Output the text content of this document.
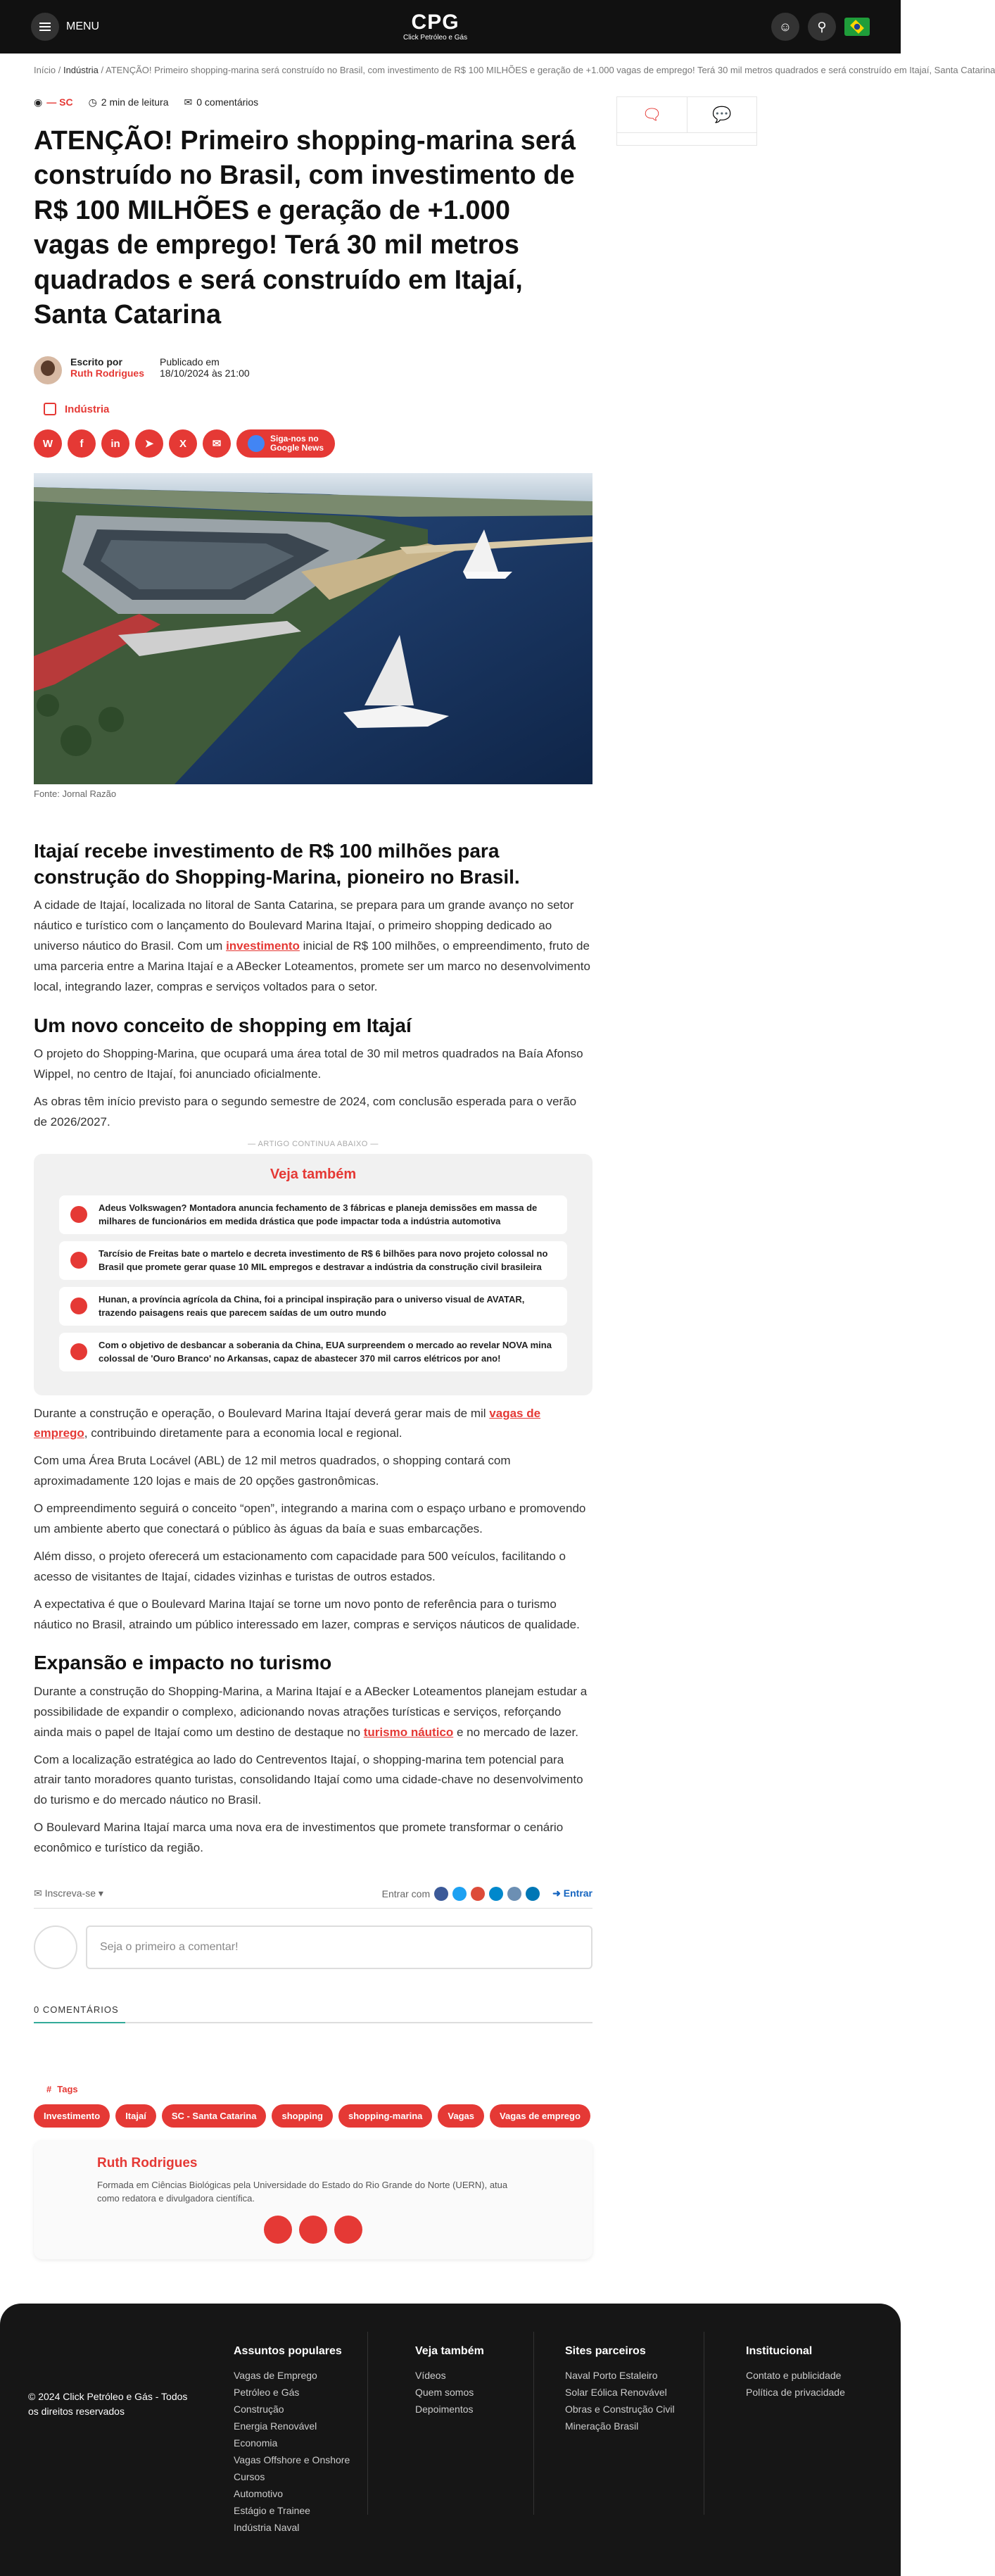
MENU	CPG
Click Petróleo e Gás
☺	⚲
Início / Indústria / ATENÇÃO! Primeiro shopping-marina será construído no Brasil, com investimento de R$ 100 MILHÕES e geração de +1.000 vagas de emprego! Terá 30 mil metros quadrados e será construído em Itajaí, Santa Catarina
◉ — SC ◷ 2 min de leitura ✉ 0 comentários
ATENÇÃO! Primeiro shopping-marina será construído no Brasil, com investimento de R$ 100 MILHÕES e geração de +1.000 vagas de emprego! Terá 30 mil metros quadrados e será construído em Itajaí, Santa Catarina
Escrito por
Ruth Rodrigues
Publicado em
18/10/2024 às 21:00
Indústria
W	f	in	➤	X	✉	Siga-nos no
Google News
Fonte: Jornal Razão
Itajaí recebe investimento de R$ 100 milhões para construção do Shopping-Marina, pioneiro no Brasil.

A cidade de Itajaí, localizada no litoral de Santa Catarina, se prepara para um grande avanço no setor náutico e turístico com o lançamento do Boulevard Marina Itajaí, o primeiro shopping dedicado ao universo náutico do Brasil. Com um investimento inicial de R$ 100 milhões, o empreendimento, fruto de uma parceria entre a Marina Itajaí e a ABecker Loteamentos, promete ser um marco no desenvolvimento local, integrando lazer, compras e serviços voltados para o setor.

Um novo conceito de shopping em Itajaí

O projeto do Shopping-Marina, que ocupará uma área total de 30 mil metros quadrados na Baía Afonso Wippel, no centro de Itajaí, foi anunciado oficialmente.

As obras têm início previsto para o segundo semestre de 2024, com conclusão esperada para o verão de 2026/2027.

— ARTIGO CONTINUA ABAIXO —
Veja também
Adeus Volkswagen? Montadora anuncia fechamento de 3 fábricas e planeja demissões em massa de milhares de funcionários em medida drástica que pode impactar toda a indústria automotiva
Tarcísio de Freitas bate o martelo e decreta investimento de R$ 6 bilhões para novo projeto colossal no Brasil que promete gerar quase 10 MIL empregos e destravar a indústria da construção civil brasileira
Hunan, a província agrícola da China, foi a principal inspiração para o universo visual de AVATAR, trazendo paisagens reais que parecem saídas de um outro mundo
Com o objetivo de desbancar a soberania da China, EUA surpreendem o mercado ao revelar NOVA mina colossal de 'Ouro Branco' no Arkansas, capaz de abastecer 370 mil carros elétricos por ano!

Durante a construção e operação, o Boulevard Marina Itajaí deverá gerar mais de mil vagas de emprego, contribuindo diretamente para a economia local e regional.

Com uma Área Bruta Locável (ABL) de 12 mil metros quadrados, o shopping contará com aproximadamente 120 lojas e mais de 20 opções gastronômicas.

O empreendimento seguirá o conceito “open”, integrando a marina com o espaço urbano e promovendo um ambiente aberto que conectará o público às águas da baía e suas embarcações.

Além disso, o projeto oferecerá um estacionamento com capacidade para 500 veículos, facilitando o acesso de visitantes de Itajaí, cidades vizinhas e turistas de outros estados.

A expectativa é que o Boulevard Marina Itajaí se torne um novo ponto de referência para o turismo náutico no Brasil, atraindo um público interessado em lazer, compras e serviços náuticos de qualidade.

Expansão e impacto no turismo

Durante a construção do Shopping-Marina, a Marina Itajaí e a ABecker Loteamentos planejam estudar a possibilidade de expandir o complexo, adicionando novas atrações turísticas e serviços, reforçando ainda mais o papel de Itajaí como um destino de destaque no turismo náutico e no mercado de lazer.

Com a localização estratégica ao lado do Centreventos Itajaí, o shopping-marina tem potencial para atrair tanto moradores quanto turistas, consolidando Itajaí como uma cidade-chave no desenvolvimento do turismo e do mercado náutico no Brasil.

O Boulevard Marina Itajaí marca uma nova era de investimentos que promete transformar o cenário econômico e turístico da região.

✉ Inscreva-se ▾	Entrar com	➜ Entrar
Seja o primeiro a comentar!
0 COMENTÁRIOS
# Tags
Investimento	Itajaí	SC - Santa Catarina	shopping	shopping-marina	Vagas	Vagas de emprego
Ruth Rodrigues
Formada em Ciências Biológicas pela Universidade do Estado do Rio Grande do Norte (UERN), atua como redatora e divulgadora científica.
🗨	💬
© 2024 Click Petróleo e Gás - Todos os direitos reservados
Assuntos populares
Vagas de Emprego
Petróleo e Gás
Construção
Energia Renovável
Economia
Vagas Offshore e Onshore
Cursos
Automotivo
Estágio e Trainee
Indústria Naval
Veja também
Vídeos
Quem somos
Depoimentos
Sites parceiros
Naval Porto Estaleiro
Solar Eólica Renovável
Obras e Construção Civil
Mineração Brasil
Institucional
Contato e publicidade
Política de privacidade
